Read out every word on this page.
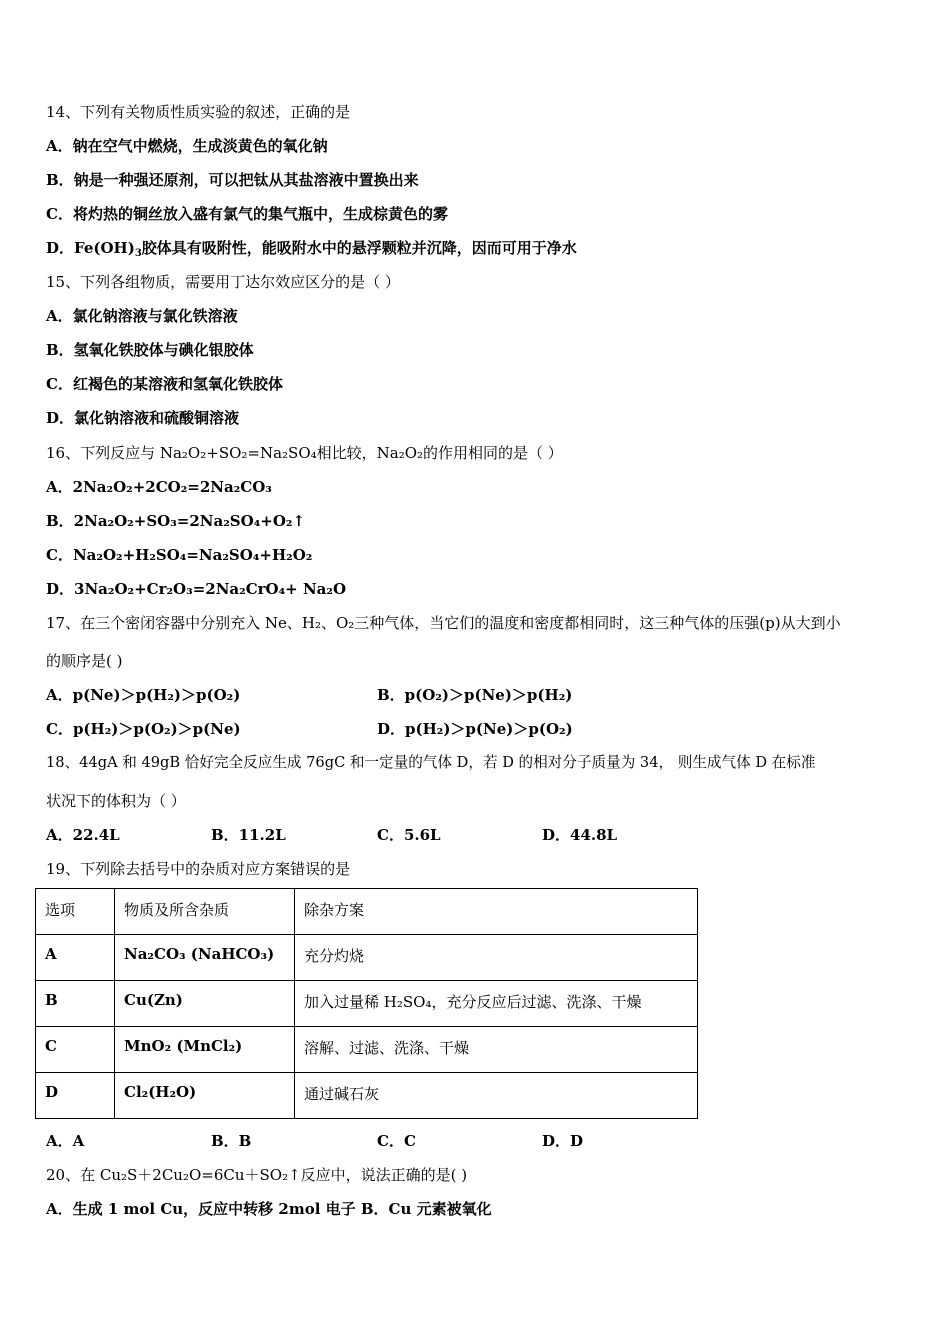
14、下列有关物质性质实验的叙述，正确的是
A．钠在空气中燃烧，生成淡黄色的氧化钠
B．钠是一种强还原剂，可以把钛从其盐溶液中置换出来
C．将灼热的铜丝放入盛有氯气的集气瓶中，生成棕黄色的雾
D．$Fe(OH)_3$胶体具有吸附性，能吸附水中的悬浮颗粒并沉降，因而可用于净水
15、下列各组物质，需要用丁达尔效应区分的是（ ）
A．氯化钠溶液与氯化铁溶液
B．氢氧化铁胶体与碘化银胶体
C．红褐色的某溶液和氢氧化铁胶体
D．氯化钠溶液和硫酸铜溶液
16、下列反应与 Na₂O₂+SO₂=Na₂SO₄相比较，Na₂O₂的作用相同的是（ ）
A．2Na₂O₂+2CO₂=2Na₂CO₃
B．2Na₂O₂+SO₃=2Na₂SO₄+O₂↑
C．Na₂O₂+H₂SO₄=Na₂SO₄+H₂O₂
D．3Na₂O₂+Cr₂O₃=2Na₂CrO₄+ Na₂O
17、在三个密闭容器中分别充入 Ne、H₂、O₂三种气体，当它们的温度和密度都相同时，这三种气体的压强(p)从大到小
的顺序是( )
A．p(Ne)＞p(H₂)＞p(O₂)	B．p(O₂)＞p(Ne)＞p(H₂)
C．p(H₂)＞p(O₂)＞p(Ne)	D．p(H₂)＞p(Ne)＞p(O₂)
18、44gA 和 49gB 恰好完全反应生成 76gC 和一定量的气体 D，若 D 的相对分子质量为 34， 则生成气体 D 在标准
状况下的体积为（ ）
A．22.4L	B．11.2L	C．5.6L	D．44.8L
19、下列除去括号中的杂质对应方案错误的是
选项	物质及所含杂质	除杂方案
A	Na₂CO₃ (NaHCO₃)	充分灼烧
B	Cu(Zn)	加入过量稀 H₂SO₄，充分反应后过滤、洗涤、干燥
C	MnO₂ (MnCl₂)	溶解、过滤、洗涤、干燥
D	Cl₂(H₂O)	通过碱石灰
A．A	B．B	C．C	D．D
20、在 Cu₂S＋2Cu₂O=6Cu＋SO₂↑反应中，说法正确的是( )
A．生成 1 mol Cu，反应中转移 2mol 电子 B．Cu 元素被氧化
